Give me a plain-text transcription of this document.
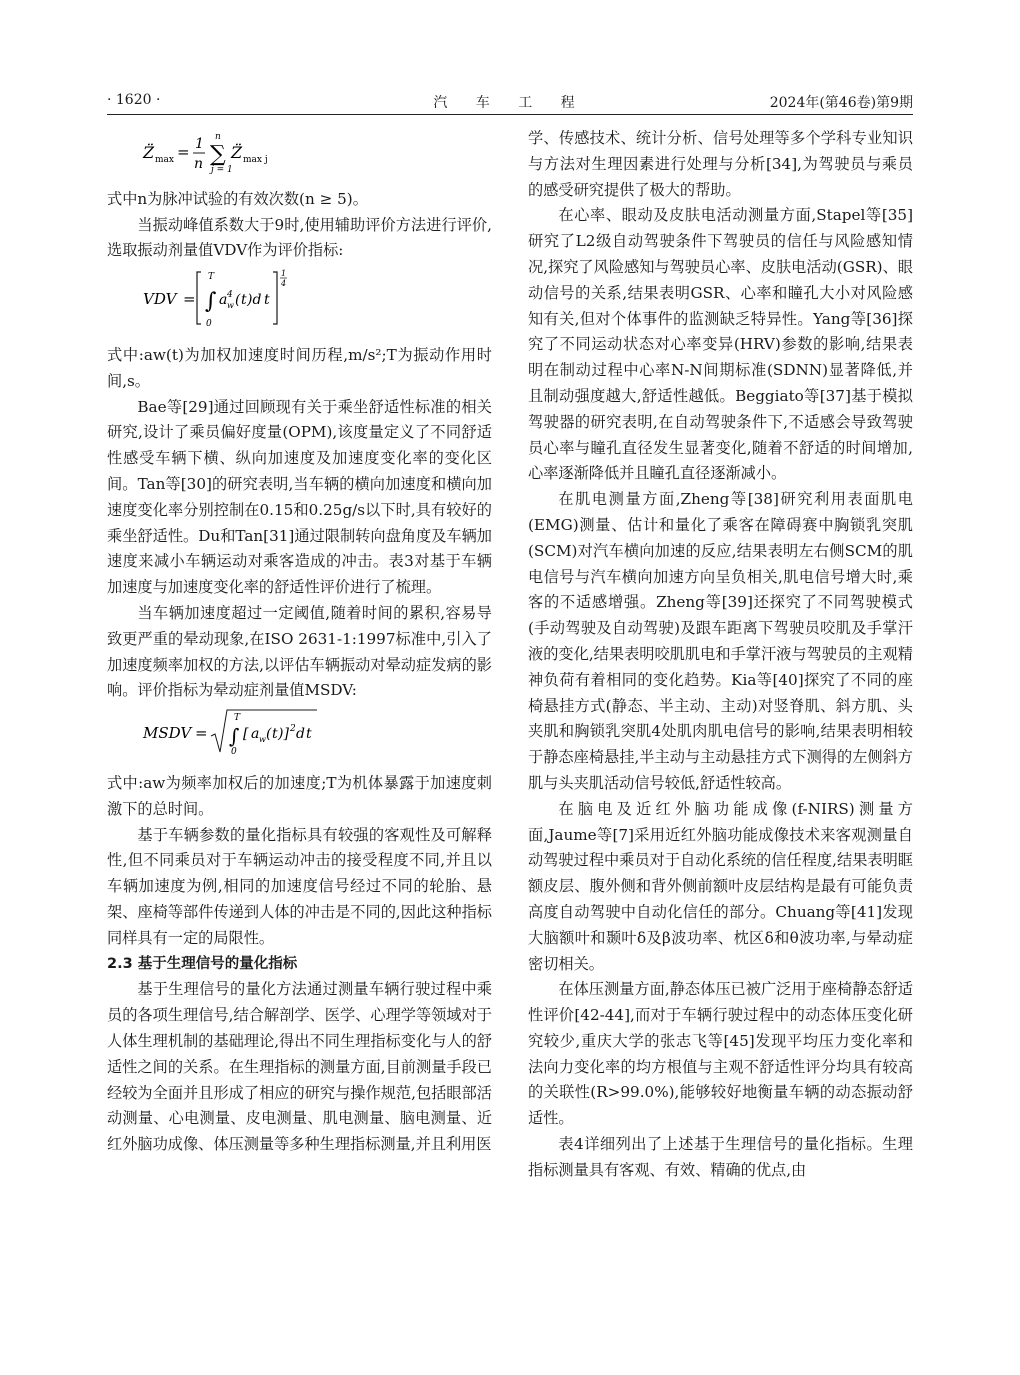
· 1620 ·	汽 车 工 程	2024年(第46卷)第9期
Z̈ max = 1
n ∑
n
j = 1
Z̈ max j

式中n为脉冲试验的有效次数(n ≥ 5)。

当振动峰值系数大于9时,使用辅助评价方法进行评价,选取振动剂量值VDV作为评价指标:

VDV = ∫
T
0
a 4
w ( t )d t
1
4

式中:aw(t)为加权加速度时间历程,m/s²;T为振动作用时间,s。

Bae等[29]通过回顾现有关于乘坐舒适性标准的相关研究,设计了乘员偏好度量(OPM),该度量定义了不同舒适性感受车辆下横、纵向加速度及加速度变化率的变化区间。Tan等[30]的研究表明,当车辆的横向加速度和横向加速度变化率分别控制在0.15和0.25g/s以下时,具有较好的乘坐舒适性。Du和Tan[31]通过限制转向盘角度及车辆加速度来减小车辆运动对乘客造成的冲击。表3对基于车辆加速度与加速度变化率的舒适性评价进行了梳理。

当车辆加速度超过一定阈值,随着时间的累积,容易导致更严重的晕动现象,在ISO 2631-1:1997标准中,引入了加速度频率加权的方法,以评估车辆振动对晕动症发病的影响。评价指标为晕动症剂量值MSDV:

MSDV = ∫
T
0
[ a w ( t )] 2 d t

式中:aw为频率加权后的加速度;T为机体暴露于加速度刺激下的总时间。

基于车辆参数的量化指标具有较强的客观性及可解释性,但不同乘员对于车辆运动冲击的接受程度不同,并且以车辆加速度为例,相同的加速度信号经过不同的轮胎、悬架、座椅等部件传递到人体的冲击是不同的,因此这种指标同样具有一定的局限性。

2.3 基于生理信号的量化指标

基于生理信号的量化方法通过测量车辆行驶过程中乘员的各项生理信号,结合解剖学、医学、心理学等领域对于人体生理机制的基础理论,得出不同生理指标变化与人的舒适性之间的关系。在生理指标的测量方面,目前测量手段已经较为全面并且形成了相应的研究与操作规范,包括眼部活动测量、心电测量、皮电测量、肌电测量、脑电测量、近红外脑功成像、体压测量等多种生理指标测量,并且利用医

学、传感技术、统计分析、信号处理等多个学科专业知识与方法对生理因素进行处理与分析[34],为驾驶员与乘员的感受研究提供了极大的帮助。

在心率、眼动及皮肤电活动测量方面,Stapel等[35]研究了L2级自动驾驶条件下驾驶员的信任与风险感知情况,探究了风险感知与驾驶员心率、皮肤电活动(GSR)、眼动信号的关系,结果表明GSR、心率和瞳孔大小对风险感知有关,但对个体事件的监测缺乏特异性。Yang等[36]探究了不同运动状态对心率变异(HRV)参数的影响,结果表明在制动过程中心率N-N间期标准(SDNN)显著降低,并且制动强度越大,舒适性越低。Beggiato等[37]基于模拟驾驶器的研究表明,在自动驾驶条件下,不适感会导致驾驶员心率与瞳孔直径发生显著变化,随着不舒适的时间增加,心率逐渐降低并且瞳孔直径逐渐减小。

在肌电测量方面,Zheng等[38]研究利用表面肌电(EMG)测量、估计和量化了乘客在障碍赛中胸锁乳突肌(SCM)对汽车横向加速的反应,结果表明左右侧SCM的肌电信号与汽车横向加速方向呈负相关,肌电信号增大时,乘客的不适感增强。Zheng等[39]还探究了不同驾驶模式(手动驾驶及自动驾驶)及跟车距离下驾驶员咬肌及手掌汗液的变化,结果表明咬肌肌电和手掌汗液与驾驶员的主观精神负荷有着相同的变化趋势。Kia等[40]探究了不同的座椅悬挂方式(静态、半主动、主动)对竖脊肌、斜方肌、头夹肌和胸锁乳突肌4处肌肉肌电信号的影响,结果表明相较于静态座椅悬挂,半主动与主动悬挂方式下测得的左侧斜方肌与头夹肌活动信号较低,舒适性较高。

在脑电及近红外脑功能成像(f-NIRS)测量方面,Jaume等[7]采用近红外脑功能成像技术来客观测量自动驾驶过程中乘员对于自动化系统的信任程度,结果表明眶额皮层、腹外侧和背外侧前额叶皮层结构是最有可能负责高度自动驾驶中自动化信任的部分。Chuang等[41]发现大脑额叶和颞叶δ及β波功率、枕区δ和θ波功率,与晕动症密切相关。

在体压测量方面,静态体压已被广泛用于座椅静态舒适性评价[42-44],而对于车辆行驶过程中的动态体压变化研究较少,重庆大学的张志飞等[45]发现平均压力变化率和法向力变化率的均方根值与主观不舒适性评分均具有较高的关联性(R>99.0%),能够较好地衡量车辆的动态振动舒适性。

表4详细列出了上述基于生理信号的量化指标。生理指标测量具有客观、有效、精确的优点,由
